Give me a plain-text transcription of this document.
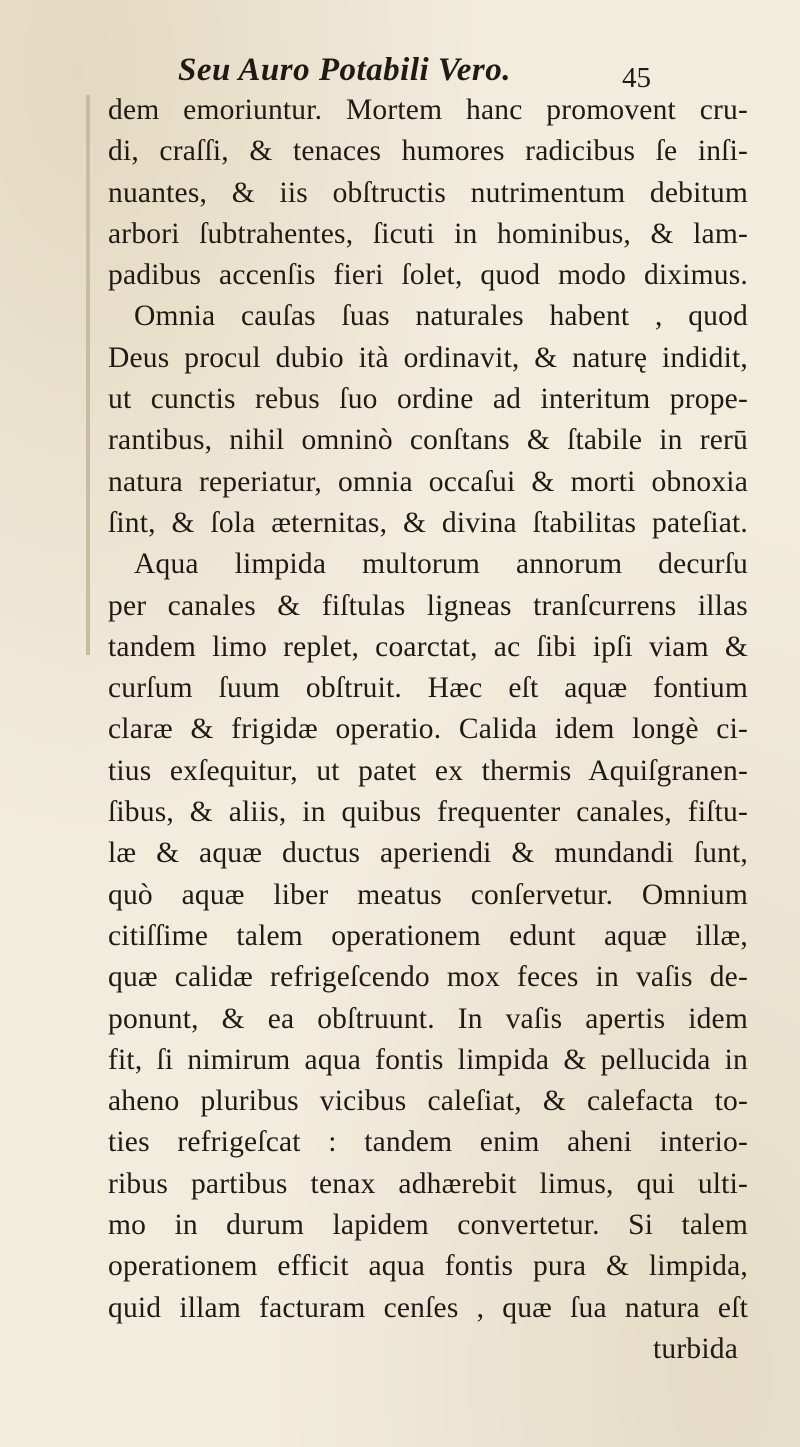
Seu Auro Potabili Vero.	45
dem emoriuntur. Mortem hanc promovent cru-
di, craſſi, & tenaces humores radicibus ſe inſi-
nuantes, & iis obſtructis nutrimentum debitum
arbori ſubtrahentes, ſicuti in hominibus, & lam-
padibus accenſis fieri ſolet, quod modo diximus.
Omnia cauſas ſuas naturales habent , quod
Deus procul dubio ità ordinavit, & naturę indidit,
ut cunctis rebus ſuo ordine ad interitum prope-
rantibus, nihil omninò conſtans & ſtabile in rerū
natura reperiatur, omnia occaſui & morti obnoxia
ſint, & ſola æternitas, & divina ſtabilitas pateſiat.
Aqua limpida multorum annorum decurſu
per canales & fiſtulas ligneas tranſcurrens illas
tandem limo replet, coarctat, ac ſibi ipſi viam &
curſum ſuum obſtruit. Hæc eſt aquæ fontium
claræ & frigidæ operatio. Calida idem longè ci-
tius exſequitur, ut patet ex thermis Aquiſgranen-
ſibus, & aliis, in quibus frequenter canales, fiſtu-
læ & aquæ ductus aperiendi & mundandi ſunt,
quò aquæ liber meatus conſervetur. Omnium
citiſſime talem operationem edunt aquæ illæ,
quæ calidæ refrigeſcendo mox feces in vaſis de-
ponunt, & ea obſtruunt. In vaſis apertis idem
fit, ſi nimirum aqua fontis limpida & pellucida in
aheno pluribus vicibus caleſiat, & calefacta to-
ties refrigeſcat : tandem enim aheni interio-
ribus partibus tenax adhærebit limus, qui ulti-
mo in durum lapidem convertetur. Si talem
operationem efficit aqua fontis pura & limpida,
quid illam facturam cenſes , quæ ſua natura eſt
turbida
